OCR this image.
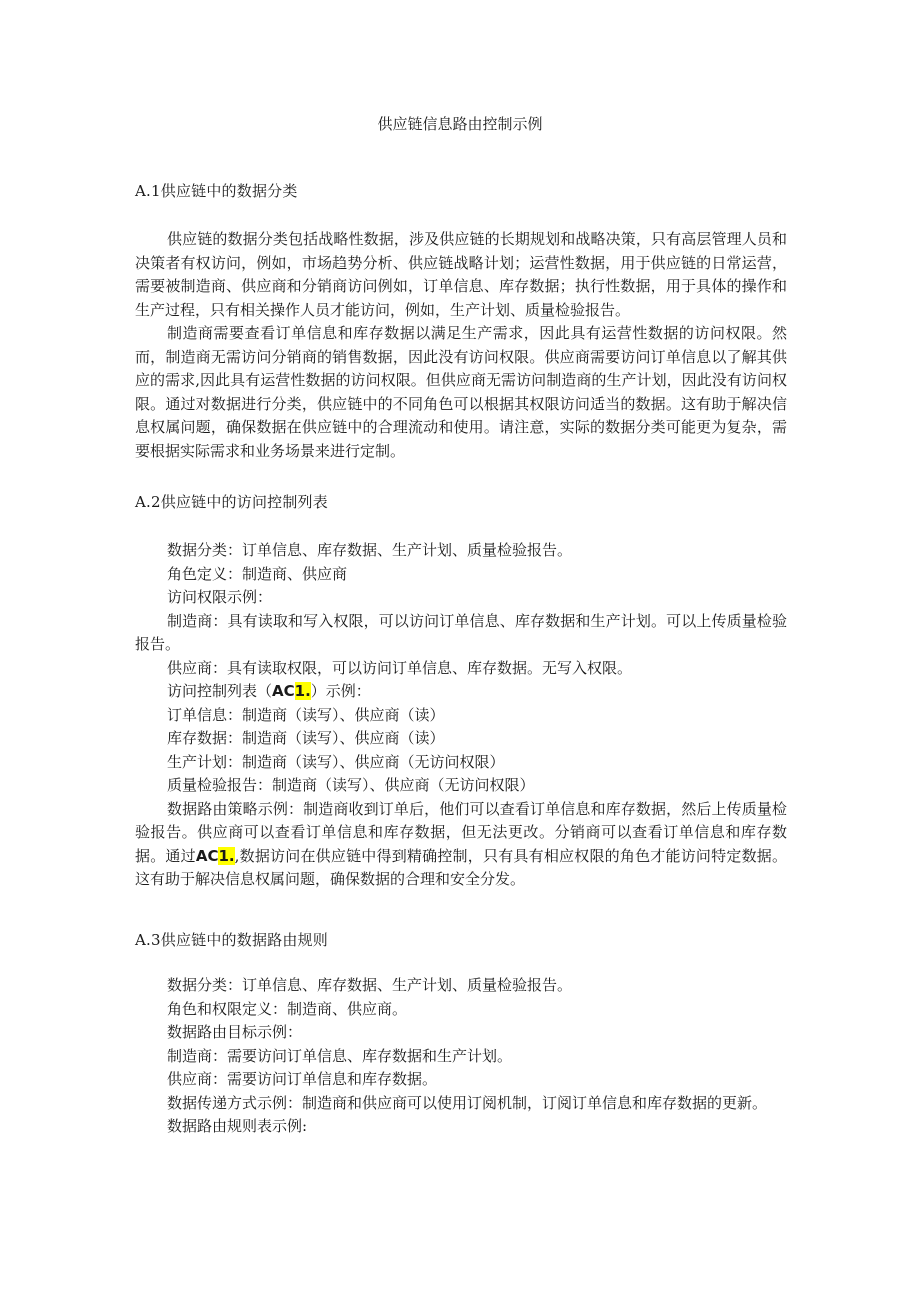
供应链信息路由控制示例
A.1供应链中的数据分类

供应链的数据分类包括战略性数据，涉及供应链的长期规划和战略决策，只有高层管理人员和决策者有权访问，例如，市场趋势分析、供应链战略计划；运营性数据，用于供应链的日常运营，需要被制造商、供应商和分销商访问例如，订单信息、库存数据；执行性数据，用于具体的操作和生产过程，只有相关操作人员才能访问，例如，生产计划、质量检验报告。

制造商需要查看订单信息和库存数据以满足生产需求，因此具有运营性数据的访问权限。然而，制造商无需访问分销商的销售数据，因此没有访问权限。供应商需要访问订单信息以了解其供应的需求,因此具有运营性数据的访问权限。但供应商无需访问制造商的生产计划，因此没有访问权限。通过对数据进行分类，供应链中的不同角色可以根据其权限访问适当的数据。这有助于解决信息权属问题，确保数据在供应链中的合理流动和使用。请注意，实际的数据分类可能更为复杂，需要根据实际需求和业务场景来进行定制。

A.2供应链中的访问控制列表

数据分类：订单信息、库存数据、生产计划、质量检验报告。

角色定义：制造商、供应商

访问权限示例：

制造商：具有读取和写入权限，可以访问订单信息、库存数据和生产计划。可以上传质量检验报告。

供应商：具有读取权限，可以访问订单信息、库存数据。无写入权限。

访问控制列表（AC1.）示例：

订单信息：制造商（读写）、供应商（读）

库存数据：制造商（读写）、供应商（读）

生产计划：制造商（读写）、供应商（无访问权限）

质量检验报告：制造商（读写）、供应商（无访问权限）

数据路由策略示例：制造商收到订单后，他们可以查看订单信息和库存数据，然后上传质量检验报告。供应商可以查看订单信息和库存数据，但无法更改。分销商可以查看订单信息和库存数据。通过AC1.,数据访问在供应链中得到精确控制，只有具有相应权限的角色才能访问特定数据。这有助于解决信息权属问题，确保数据的合理和安全分发。

A.3供应链中的数据路由规则

数据分类：订单信息、库存数据、生产计划、质量检验报告。

角色和权限定义：制造商、供应商。

数据路由目标示例：

制造商：需要访问订单信息、库存数据和生产计划。

供应商：需要访问订单信息和库存数据。

数据传递方式示例：制造商和供应商可以使用订阅机制，订阅订单信息和库存数据的更新。

数据路由规则表示例:
